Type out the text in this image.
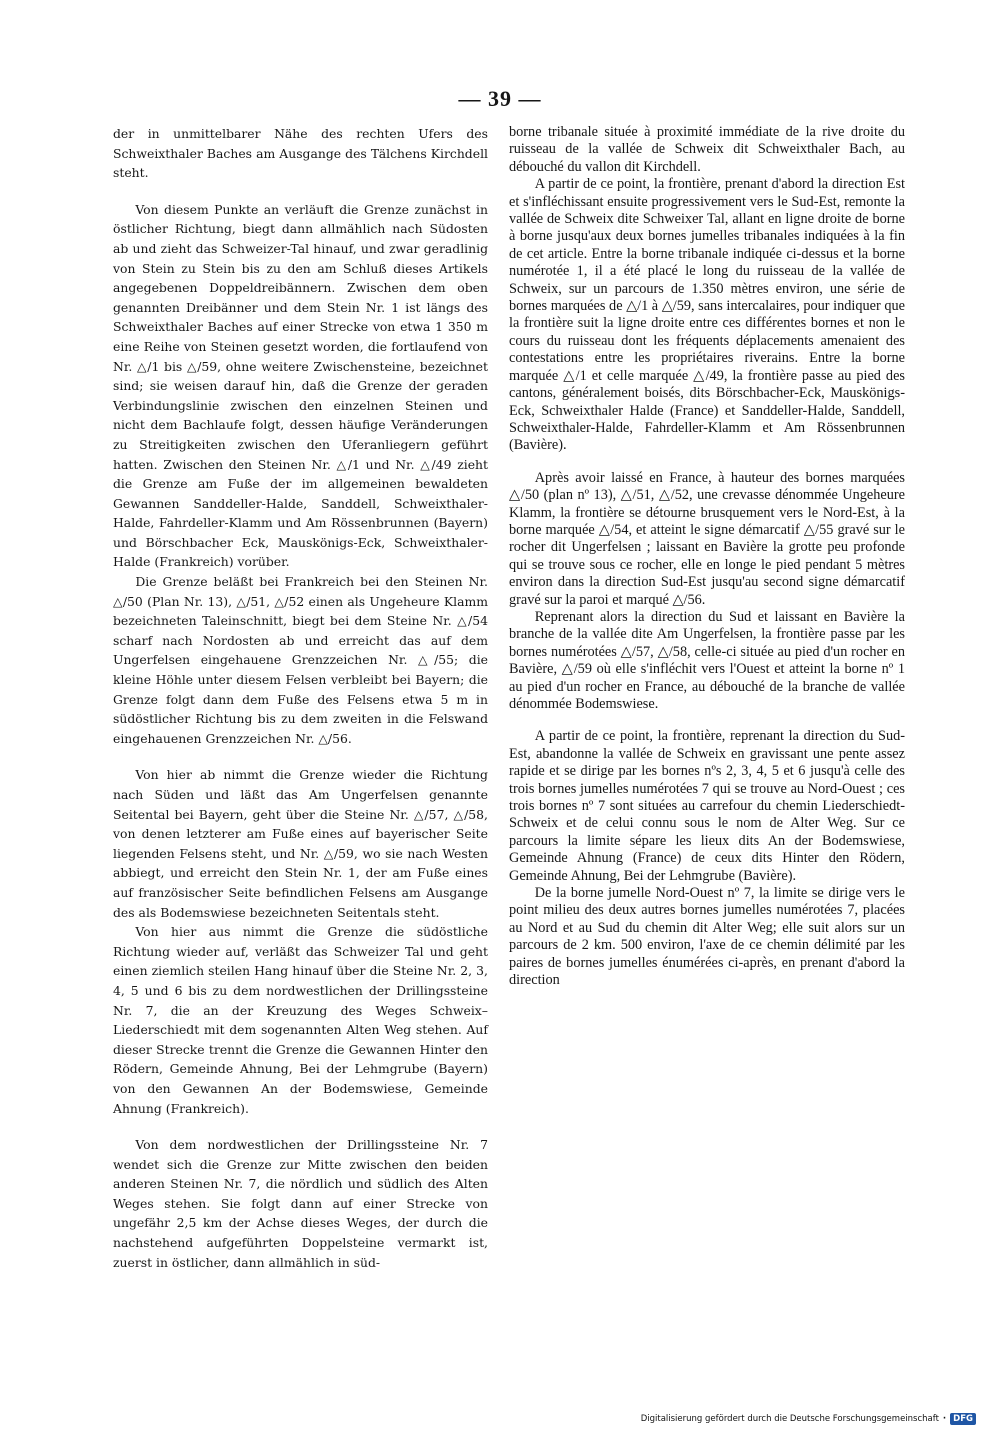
— 39 —

der in unmittelbarer Nähe des rechten Ufers des Schweixthaler Baches am Ausgange des Tälchens Kirchdell steht.

Von diesem Punkte an verläuft die Grenze zunächst in östlicher Richtung, biegt dann allmählich nach Südosten ab und zieht das Schweizer-Tal hinauf, und zwar geradlinig von Stein zu Stein bis zu den am Schluß dieses Artikels angegebenen Doppeldreibännern. Zwischen dem oben genannten Dreibänner und dem Stein Nr. 1 ist längs des Schweixthaler Baches auf einer Strecke von etwa 1 350 m eine Reihe von Steinen gesetzt worden, die fortlaufend von Nr. △/1 bis △/59, ohne weitere Zwischensteine, bezeichnet sind; sie weisen darauf hin, daß die Grenze der geraden Verbindungslinie zwischen den einzelnen Steinen und nicht dem Bachlaufe folgt, dessen häufige Veränderungen zu Streitigkeiten zwischen den Uferanliegern geführt hatten. Zwischen den Steinen Nr. △/1 und Nr. △/49 zieht die Grenze am Fuße der im allgemeinen bewaldeten Gewannen Sanddeller-Halde, Sanddell, Schweixthaler-Halde, Fahrdeller-Klamm und Am Rössenbrunnen (Bayern) und Börschbacher Eck, Mauskönigs-Eck, Schweixthaler-Halde (Frankreich) vorüber.

Die Grenze beläßt bei Frankreich bei den Steinen Nr. △/50 (Plan Nr. 13), △/51, △/52 einen als Ungeheure Klamm bezeichneten Taleinschnitt, biegt bei dem Steine Nr. △/54 scharf nach Nordosten ab und erreicht das auf dem Ungerfelsen eingehauene Grenzzeichen Nr. △/55; die kleine Höhle unter diesem Felsen verbleibt bei Bayern; die Grenze folgt dann dem Fuße des Felsens etwa 5 m in südöstlicher Richtung bis zu dem zweiten in die Felswand eingehauenen Grenzzeichen Nr. △/56.

Von hier ab nimmt die Grenze wieder die Richtung nach Süden und läßt das Am Ungerfelsen genannte Seitental bei Bayern, geht über die Steine Nr. △/57, △/58, von denen letzterer am Fuße eines auf bayerischer Seite liegenden Felsens steht, und Nr. △/59, wo sie nach Westen abbiegt, und erreicht den Stein Nr. 1, der am Fuße eines auf französischer Seite befindlichen Felsens am Ausgange des als Bodemswiese bezeichneten Seitentals steht.

Von hier aus nimmt die Grenze die südöstliche Richtung wieder auf, verläßt das Schweizer Tal und geht einen ziemlich steilen Hang hinauf über die Steine Nr. 2, 3, 4, 5 und 6 bis zu dem nordwestlichen der Drillingssteine Nr. 7, die an der Kreuzung des Weges Schweix–Liederschiedt mit dem sogenannten Alten Weg stehen. Auf dieser Strecke trennt die Grenze die Gewannen Hinter den Rödern, Gemeinde Ahnung, Bei der Lehmgrube (Bayern) von den Gewannen An der Bodemswiese, Gemeinde Ahnung (Frankreich).

Von dem nordwestlichen der Drillingssteine Nr. 7 wendet sich die Grenze zur Mitte zwischen den beiden anderen Steinen Nr. 7, die nördlich und südlich des Alten Weges stehen. Sie folgt dann auf einer Strecke von ungefähr 2,5 km der Achse dieses Weges, der durch die nachstehend aufgeführten Doppelsteine vermarkt ist, zuerst in östlicher, dann allmählich in süd-

borne tribanale située à proximité immédiate de la rive droite du ruisseau de la vallée de Schweix dit Schweixthaler Bach, au débouché du vallon dit Kirchdell.

A partir de ce point, la frontière, prenant d'abord la direction Est et s'infléchissant ensuite progressivement vers le Sud-Est, remonte la vallée de Schweix dite Schweixer Tal, allant en ligne droite de borne à borne jusqu'aux deux bornes jumelles tribanales indiquées à la fin de cet article. Entre la borne tribanale indiquée ci-dessus et la borne numérotée 1, il a été placé le long du ruisseau de la vallée de Schweix, sur un parcours de 1.350 mètres environ, une série de bornes marquées de △/1 à △/59, sans intercalaires, pour indiquer que la frontière suit la ligne droite entre ces différentes bornes et non le cours du ruisseau dont les fréquents déplacements amenaient des contestations entre les propriétaires riverains. Entre la borne marquée △/1 et celle marquée △/49, la frontière passe au pied des cantons, généralement boisés, dits Börschbacher-Eck, Mauskönigs-Eck, Schweixthaler Halde (France) et Sanddeller-Halde, Sanddell, Schweixthaler-Halde, Fahrdeller-Klamm et Am Rössenbrunnen (Bavière).

Après avoir laissé en France, à hauteur des bornes marquées △/50 (plan nº 13), △/51, △/52, une crevasse dénommée Ungeheure Klamm, la frontière se détourne brusquement vers le Nord-Est, à la borne marquée △/54, et atteint le signe démarcatif △/55 gravé sur le rocher dit Ungerfelsen ; laissant en Bavière la grotte peu profonde qui se trouve sous ce rocher, elle en longe le pied pendant 5 mètres environ dans la direction Sud-Est jusqu'au second signe démarcatif gravé sur la paroi et marqué △/56.

Reprenant alors la direction du Sud et laissant en Bavière la branche de la vallée dite Am Ungerfelsen, la frontière passe par les bornes numérotées △/57, △/58, celle-ci située au pied d'un rocher en Bavière, △/59 où elle s'infléchit vers l'Ouest et atteint la borne nº 1 au pied d'un rocher en France, au débouché de la branche de vallée dénommée Bodemswiese.

A partir de ce point, la frontière, reprenant la direction du Sud-Est, abandonne la vallée de Schweix en gravissant une pente assez rapide et se dirige par les bornes nºs 2, 3, 4, 5 et 6 jusqu'à celle des trois bornes jumelles numérotées 7 qui se trouve au Nord-Ouest ; ces trois bornes nº 7 sont situées au carrefour du chemin Liederschiedt-Schweix et de celui connu sous le nom de Alter Weg. Sur ce parcours la limite sépare les lieux dits An der Bodemswiese, Gemeinde Ahnung (France) de ceux dits Hinter den Rödern, Gemeinde Ahnung, Bei der Lehmgrube (Bavière).

De la borne jumelle Nord-Ouest nº 7, la limite se dirige vers le point milieu des deux autres bornes jumelles numérotées 7, placées au Nord et au Sud du chemin dit Alter Weg; elle suit alors sur un parcours de 2 km. 500 environ, l'axe de ce chemin délimité par les paires de bornes jumelles énumérées ci-après, en prenant d'abord la direction

Digitalisierung gefördert durch die Deutsche Forschungsgemeinschaft · DFG
